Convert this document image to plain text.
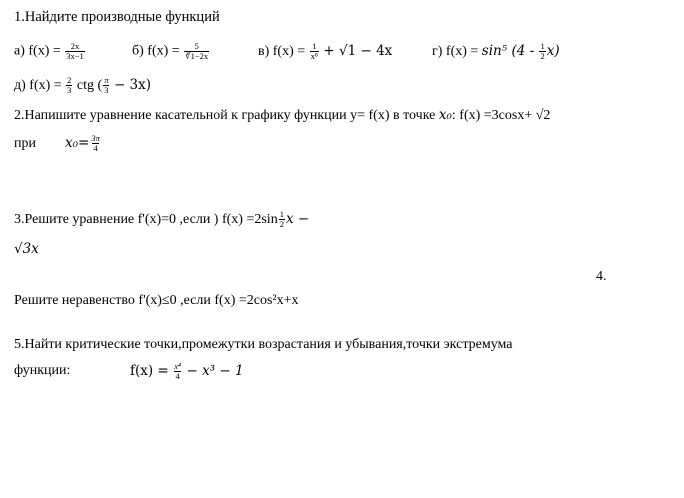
1.Найдите производные функций
а) $f(x) = \frac{2x}{3x-1}$	б) $f(x) = \frac{5}{∛1-2x}$	в) $f(x) = \frac{1}{\text{x⁸}} + √1 - 4x$	г) f(x) = sin⁵ $(4 - \frac{1}{2} x)$
д) $f(x) = \frac{2}{3}$ ctg ( $\frac{\pi}{3} - 3x$)
2.Напишите уравнение касательной к графику функции y= f(x) в точке x₀: f(x) =3cosx+ √2
при $x_0= \frac{3\pi}{4}$
3.Решите уравнение f'(x)=0 ,если ) $f(x) =2\sin \frac{1}{2}$ x −
√3x
4.
Решите неравенство f'(x)≤0 ,если f(x) =2cos²x+x
5.Найти критические точки,промежутки возрастания и убывания,точки экстремума
функции:	$f(x) = \frac{\text{x⁴}}{4} - x^3 - 1$
